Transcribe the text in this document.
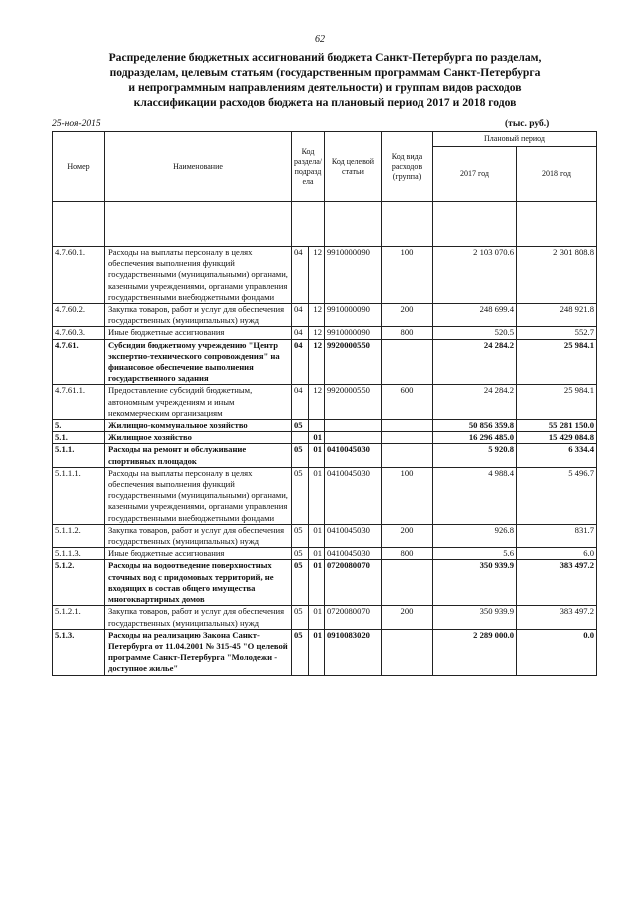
62
Распределение бюджетных ассигнований бюджета Санкт-Петербурга по разделам,
подразделам, целевым статьям (государственным программам Санкт-Петербурга
и непрограммным направлениям деятельности) и группам видов расходов
классификации расходов бюджета на плановый период 2017 и 2018 годов
25-ноя-2015	(тыс. руб.)
Номер	Наименование	Код раздела/ подразд ела		Код целевой статьи	Код вида расходов (группа)	Плановый период	
						2017 год	2018 год

4.7.60.1.	Расходы на выплаты персоналу в целях обеспечения выполнения функций государственными (муниципальными) органами, казенными учреждениями, органами управления государственными внебюджетными фондами	04	12	9910000090	100	2 103 070.6	2 301 808.8
4.7.60.2.	Закупка товаров, работ и услуг для обеспечения государственных (муниципальных) нужд	04	12	9910000090	200	248 699.4	248 921.8
4.7.60.3.	Иные бюджетные ассигнования	04	12	9910000090	800	520.5	552.7
4.7.61.	Субсидии бюджетному учреждению "Центр экспертно-технического сопровождения" на финансовое обеспечение выполнения государственного задания	04	12	9920000550		24 284.2	25 984.1
4.7.61.1.	Предоставление субсидий бюджетным, автономным учреждениям и иным некоммерческим организациям	04	12	9920000550	600	24 284.2	25 984.1
5.	Жилищно-коммунальное хозяйство	05				50 856 359.8	55 281 150.0
5.1.	Жилищное хозяйство		01			16 296 485.0	15 429 084.8
5.1.1.	Расходы на ремонт и обслуживание спортивных площадок	05	01	0410045030		5 920.8	6 334.4
5.1.1.1.	Расходы на выплаты персоналу в целях обеспечения выполнения функций государственными (муниципальными) органами, казенными учреждениями, органами управления государственными внебюджетными фондами	05	01	0410045030	100	4 988.4	5 496.7
5.1.1.2.	Закупка товаров, работ и услуг для обеспечения государственных (муниципальных) нужд	05	01	0410045030	200	926.8	831.7
5.1.1.3.	Иные бюджетные ассигнования	05	01	0410045030	800	5.6	6.0
5.1.2.	Расходы на водоотведение поверхностных сточных вод с придомовых территорий, не входящих в состав общего имущества многоквартирных домов	05	01	0720080070		350 939.9	383 497.2
5.1.2.1.	Закупка товаров, работ и услуг для обеспечения государственных (муниципальных) нужд	05	01	0720080070	200	350 939.9	383 497.2
5.1.3.	Расходы на реализацию Закона Санкт-Петербурга от 11.04.2001 № 315-45 "О целевой программе Санкт-Петербурга "Молодежи - доступное жилье"	05	01	0910083020		2 289 000.0	0.0
